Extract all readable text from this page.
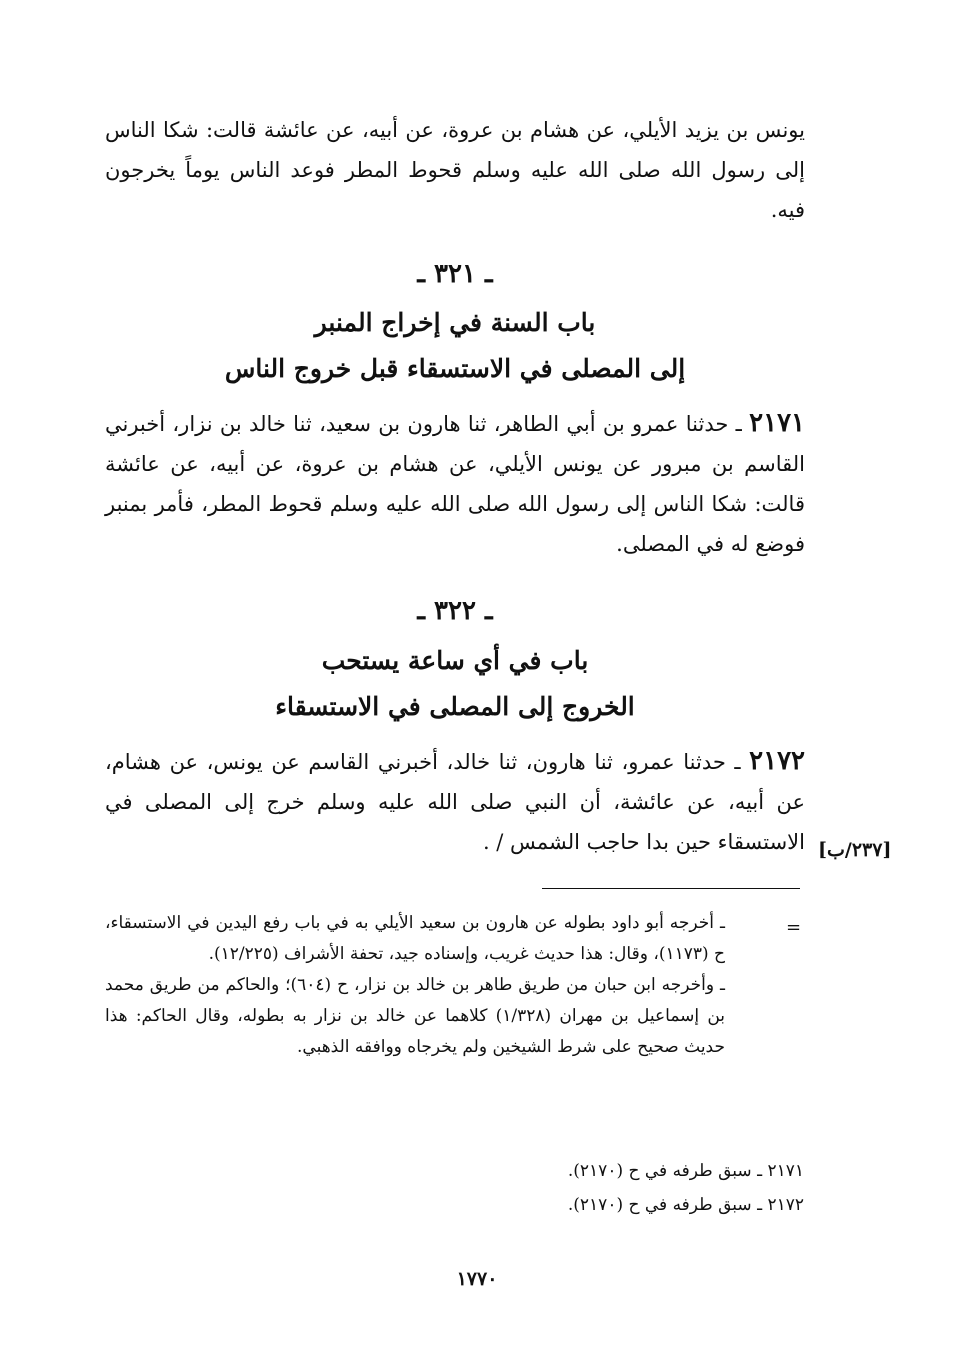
يونس بن يزيد الأيلي، عن هشام بن عروة، عن أبيه، عن عائشة قالت: شكا الناس إلى رسول الله صلى الله عليه وسلم قحوط المطر فوعد الناس يوماً يخرجون فيه.
ـ ٣٢١ ـ
باب السنة في إخراج المنبر
إلى المصلى في الاستسقاء قبل خروج الناس
٢١٧١ ـ حدثنا عمرو بن أبي الطاهر، ثنا هارون بن سعيد، ثنا خالد بن نزار، أخبرني القاسم بن مبرور عن يونس الأيلي، عن هشام بن عروة، عن أبيه، عن عائشة قالت: شكا الناس إلى رسول الله صلى الله عليه وسلم قحوط المطر، فأمر بمنبر فوضع له في المصلى.
ـ ٣٢٢ ـ
باب في أي ساعة يستحب
الخروج إلى المصلى في الاستسقاء
٢١٧٢ ـ حدثنا عمرو، ثنا هارون، ثنا خالد، أخبرني القاسم عن يونس، عن هشام، عن أبيه، عن عائشة، أن النبي صلى الله عليه وسلم خرج إلى المصلى في الاستسقاء حين بدا حاجب الشمس / . [٢٣٧/ب]
=

ـ أخرجه أبو داود بطوله عن هارون بن سعيد الأيلي به في باب رفع اليدين في الاستسقاء، ح (١١٧٣)، وقال: هذا حديث غريب، وإسناده جيد، تحفة الأشراف (١٢/٢٢٥).

ـ وأخرجه ابن حبان من طريق طاهر بن خالد بن نزار، ح (٦٠٤)؛ والحاكم من طريق محمد بن إسماعيل بن مهران (١/٣٢٨) كلاهما عن خالد بن نزار به بطوله، وقال الحاكم: هذا حديث صحيح على شرط الشيخين ولم يخرجاه ووافقه الذهبي.

٢١٧١ ـ سبق طرفه في ح (٢١٧٠).
٢١٧٢ ـ سبق طرفه في ح (٢١٧٠).
١٧٧٠
